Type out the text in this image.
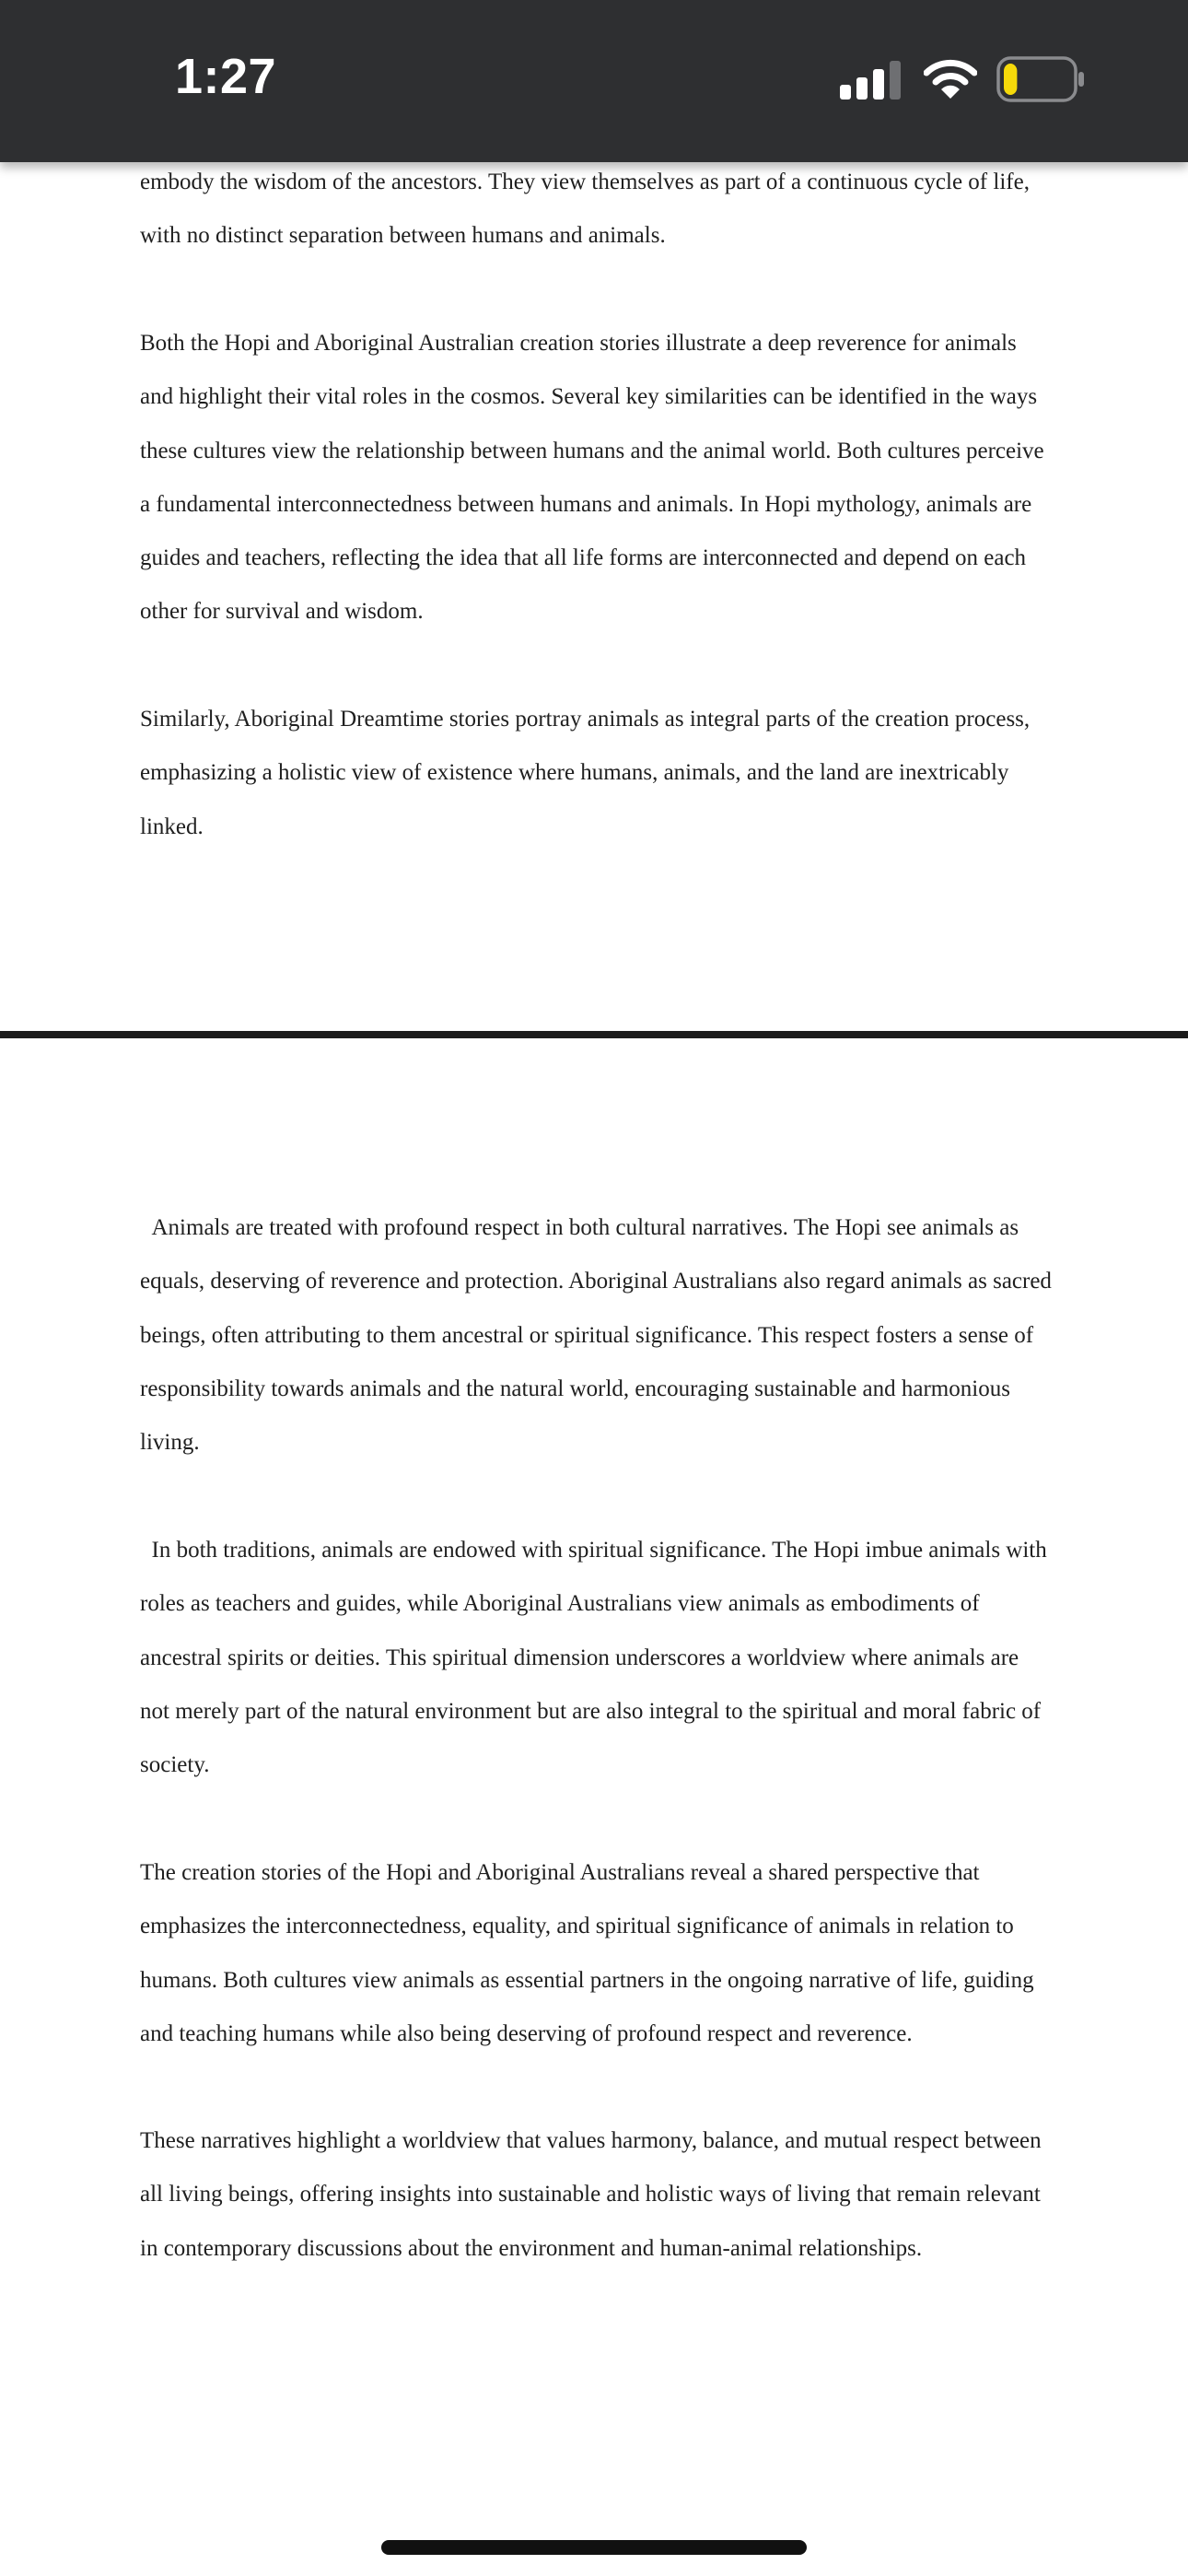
1:27

embody the wisdom of the ancestors. They view themselves as part of a continuous cycle of life, with no distinct separation between humans and animals.

Both the Hopi and Aboriginal Australian creation stories illustrate a deep reverence for animals and highlight their vital roles in the cosmos. Several key similarities can be identified in the ways these cultures view the relationship between humans and the animal world. Both cultures perceive a fundamental interconnectedness between humans and animals. In Hopi mythology, animals are guides and teachers, reflecting the idea that all life forms are interconnected and depend on each other for survival and wisdom.

Similarly, Aboriginal Dreamtime stories portray animals as integral parts of the creation process, emphasizing a holistic view of existence where humans, animals, and the land are inextricably linked.

Animals are treated with profound respect in both cultural narratives. The Hopi see animals as equals, deserving of reverence and protection. Aboriginal Australians also regard animals as sacred beings, often attributing to them ancestral or spiritual significance. This respect fosters a sense of responsibility towards animals and the natural world, encouraging sustainable and harmonious living.

In both traditions, animals are endowed with spiritual significance. The Hopi imbue animals with roles as teachers and guides, while Aboriginal Australians view animals as embodiments of ancestral spirits or deities. This spiritual dimension underscores a worldview where animals are not merely part of the natural environment but are also integral to the spiritual and moral fabric of society.

The creation stories of the Hopi and Aboriginal Australians reveal a shared perspective that emphasizes the interconnectedness, equality, and spiritual significance of animals in relation to humans. Both cultures view animals as essential partners in the ongoing narrative of life, guiding and teaching humans while also being deserving of profound respect and reverence.

These narratives highlight a worldview that values harmony, balance, and mutual respect between all living beings, offering insights into sustainable and holistic ways of living that remain relevant in contemporary discussions about the environment and human-animal relationships.
